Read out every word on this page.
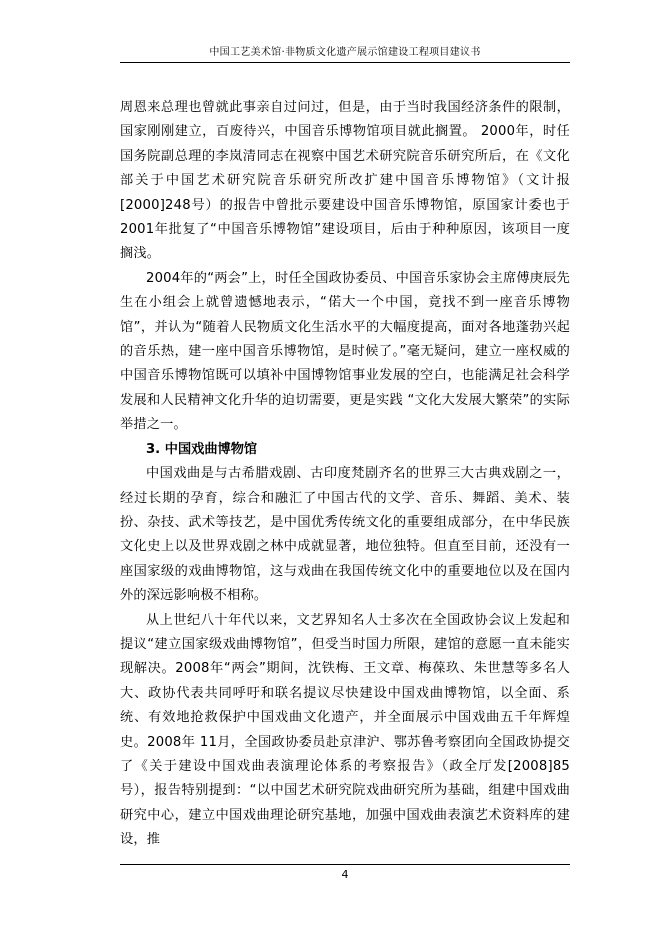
中国工艺美术馆·非物质文化遗产展示馆建设工程项目建议书

周恩来总理也曾就此事亲自过问过，但是，由于当时我国经济条件的限制，国家刚刚建立，百废待兴，中国音乐博物馆项目就此搁置。 2000年，时任国务院副总理的李岚清同志在视察中国艺术研究院音乐研究所后，在《文化部关于中国艺术研究院音乐研究所改扩建中国音乐博物馆》（文计报[2000]248号）的报告中曾批示要建设中国音乐博物馆，原国家计委也于 2001年批复了“中国音乐博物馆”建设项目，后由于种种原因，该项目一度搁浅。

2004年的“两会”上，时任全国政协委员、中国音乐家协会主席傅庚辰先生在小组会上就曾遗憾地表示，“偌大一个中国，竟找不到一座音乐博物馆”，并认为“随着人民物质文化生活水平的大幅度提高，面对各地蓬勃兴起的音乐热，建一座中国音乐博物馆，是时候了。”毫无疑问，建立一座权威的中国音乐博物馆既可以填补中国博物馆事业发展的空白，也能满足社会科学发展和人民精神文化升华的迫切需要，更是实践 “文化大发展大繁荣”的实际举措之一。

3. 中国戏曲博物馆

中国戏曲是与古希腊戏剧、古印度梵剧齐名的世界三大古典戏剧之一，经过长期的孕育，综合和融汇了中国古代的文学、音乐、舞蹈、美术、装扮、杂技、武术等技艺，是中国优秀传统文化的重要组成部分，在中华民族文化史上以及世界戏剧之林中成就显著，地位独特。但直至目前，还没有一座国家级的戏曲博物馆，这与戏曲在我国传统文化中的重要地位以及在国内外的深远影响极不相称。

从上世纪八十年代以来，文艺界知名人士多次在全国政协会议上发起和提议“建立国家级戏曲博物馆”，但受当时国力所限，建馆的意愿一直未能实现解决。2008年“两会”期间，沈铁梅、王文章、梅葆玖、朱世慧等多名人大、政协代表共同呼吁和联名提议尽快建设中国戏曲博物馆，以全面、系统、有效地抢救保护中国戏曲文化遗产，并全面展示中国戏曲五千年辉煌史。2008年 11月，全国政协委员赴京津沪、鄂苏鲁考察团向全国政协提交了《关于建设中国戏曲表演理论体系的考察报告》（政全厅发[2008]85号），报告特别提到：“以中国艺术研究院戏曲研究所为基础，组建中国戏曲研究中心，建立中国戏曲理论研究基地，加强中国戏曲表演艺术资料库的建设，推

4
